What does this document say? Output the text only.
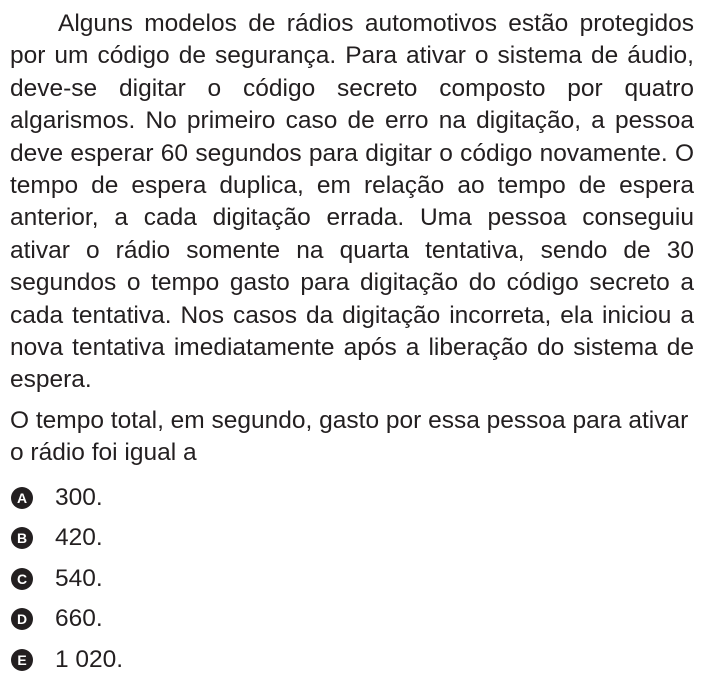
Alguns modelos de rádios automotivos estão protegidos por um código de segurança. Para ativar o sistema de áudio, deve-se digitar o código secreto composto por quatro algarismos. No primeiro caso de erro na digitação, a pessoa deve esperar 60 segundos para digitar o código novamente. O tempo de espera duplica, em relação ao tempo de espera anterior, a cada digitação errada. Uma pessoa conseguiu ativar o rádio somente na quarta tentativa, sendo de 30 segundos o tempo gasto para digitação do código secreto a cada tentativa. Nos casos da digitação incorreta, ela iniciou a nova tentativa imediatamente após a liberação do sistema de espera.

O tempo total, em segundo, gasto por essa pessoa para ativar o rádio foi igual a

A 300.
B 420.
C 540.
D 660.
E 1 020.
